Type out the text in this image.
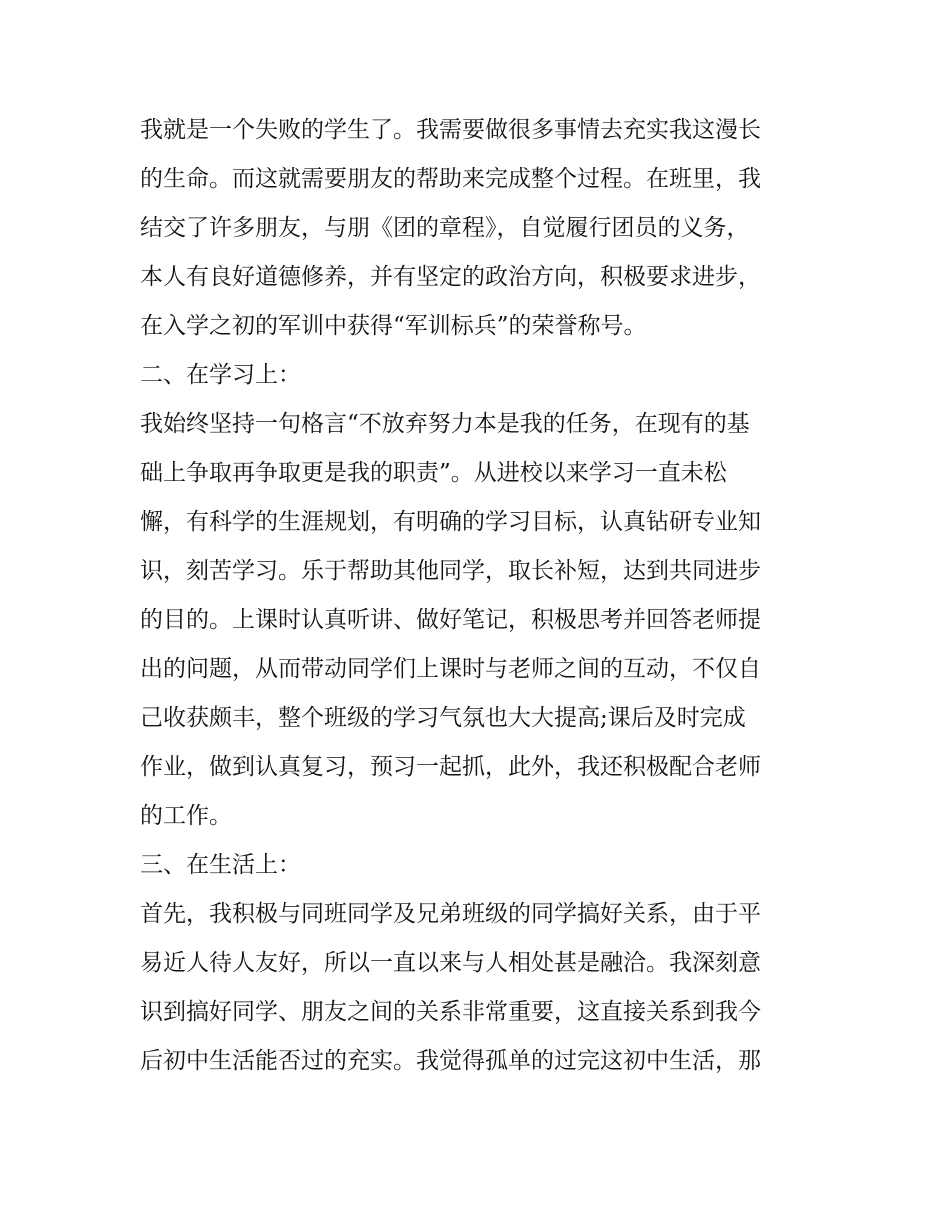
我就是一个失败的学生了。我需要做很多事情去充实我这漫长
的生命。而这就需要朋友的帮助来完成整个过程。在班里，我
结交了许多朋友，与朋《团的章程》，自觉履行团员的义务，
本人有良好道德修养，并有坚定的政治方向，积极要求进步，
在入学之初的军训中获得“军训标兵”的荣誉称号。
二、在学习上：
我始终坚持一句格言“不放弃努力本是我的任务，在现有的基
础上争取再争取更是我的职责”。从进校以来学习一直未松
懈，有科学的生涯规划，有明确的学习目标，认真钻研专业知
识，刻苦学习。乐于帮助其他同学，取长补短，达到共同进步
的目的。上课时认真听讲、做好笔记，积极思考并回答老师提
出的问题，从而带动同学们上课时与老师之间的互动，不仅自
己收获颇丰，整个班级的学习气氛也大大提高;课后及时完成
作业，做到认真复习，预习一起抓，此外，我还积极配合老师
的工作。
三、在生活上：
首先，我积极与同班同学及兄弟班级的同学搞好关系，由于平
易近人待人友好，所以一直以来与人相处甚是融洽。我深刻意
识到搞好同学、朋友之间的关系非常重要，这直接关系到我今
后初中生活能否过的充实。我觉得孤单的过完这初中生活，那
